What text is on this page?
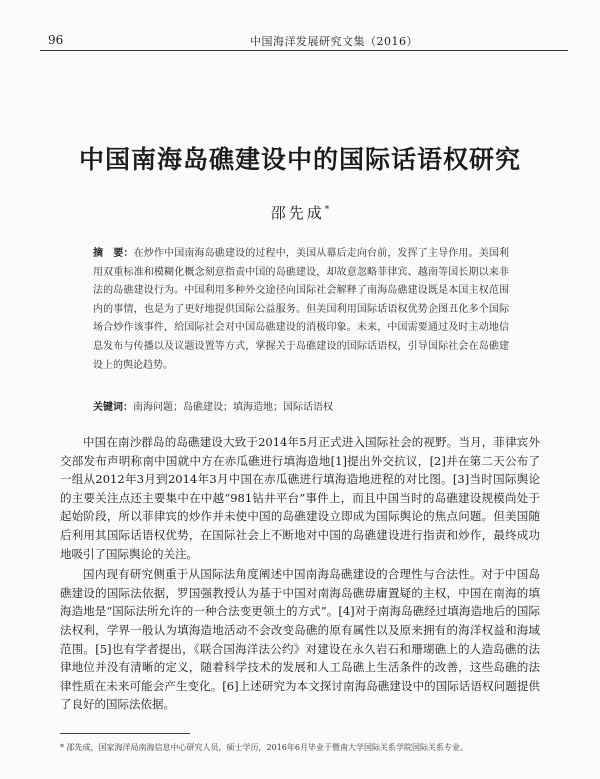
96	中国海洋发展研究文集（2016）
中国南海岛礁建设中的国际话语权研究
邵先成*
摘　要：在炒作中国南海岛礁建设的过程中，美国从幕后走向台前，发挥了主导作用。美国利用双重标准和模糊化概念刻意指责中国的岛礁建设，却故意忽略菲律宾、越南等国长期以来非法的岛礁建设行为。中国利用多种外交途径向国际社会解释了南海岛礁建设既是本国主权范围内的事情，也是为了更好地提供国际公益服务。但美国利用国际话语权优势企图丑化多个国际场合炒作该事件，给国际社会对中国岛礁建设的消极印象。未来，中国需要通过及时主动地信息发布与传播以及议题设置等方式，掌握关于岛礁建设的国际话语权，引导国际社会在岛礁建设上的舆论趋势。
关键词：南海问题；岛礁建设；填海造地；国际话语权

中国在南沙群岛的岛礁建设大致于2014年5月正式进入国际社会的视野。当月，菲律宾外交部发布声明称南中国就中方在赤瓜礁进行填海造地[1]提出外交抗议，[2]并在第二天公布了一组从2012年3月到2014年3月中国在赤瓜礁进行填海造地进程的对比图。[3]当时国际舆论的主要关注点还主要集中在中越“981钻井平台”事件上，而且中国当时的岛礁建设规模尚处于起始阶段，所以菲律宾的炒作并未使中国的岛礁建设立即成为国际舆论的焦点问题。但美国随后利用其国际话语权优势，在国际社会上不断地对中国的岛礁建设进行指责和炒作，最终成功地吸引了国际舆论的关注。

国内现有研究侧重于从国际法角度阐述中国南海岛礁建设的合理性与合法性。对于中国岛礁建设的国际法依据，罗国强教授认为基于中国对南海岛礁毋庸置疑的主权，中国在南海的填海造地是“国际法所允许的一种合法变更领土的方式”。[4]对于南海岛礁经过填海造地后的国际法权利，学界一般认为填海造地活动不会改变岛礁的原有属性以及原来拥有的海洋权益和海域范围。[5]也有学者提出，《联合国海洋法公约》对建设在永久岩石和珊瑚礁上的人造岛礁的法律地位并没有清晰的定义，随着科学技术的发展和人工岛礁上生活条件的改善，这些岛礁的法律性质在未来可能会产生变化。[6]上述研究为本文探讨南海岛礁建设中的国际话语权问题提供了良好的国际法依据。

* 邵先成，国家海洋局南海信息中心研究人员，硕士学历，2016年6月毕业于暨南大学国际关系学院国际关系专业。
